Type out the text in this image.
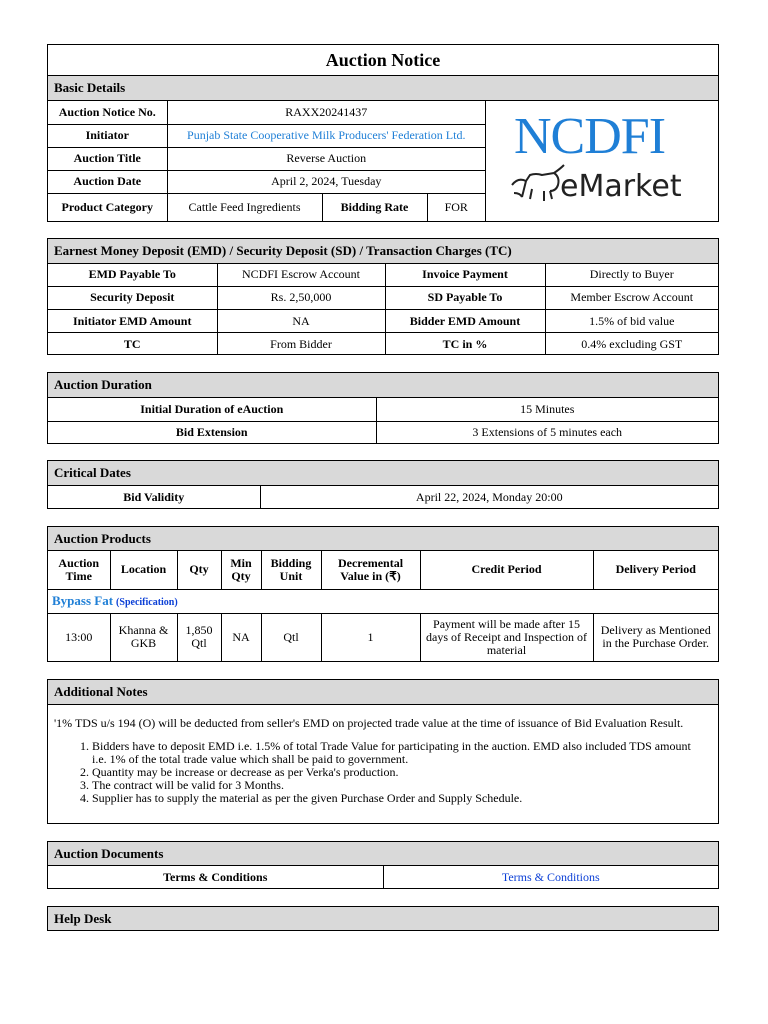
Auction Notice
Basic Details
Auction Notice No.	RAXX20241437		
Initiator	Punjab State Cooperative Milk Producers' Federation Ltd.		
Auction Title	Reverse Auction		
Auction Date	April 2, 2024, Tuesday		
Product Category	Cattle Feed Ingredients	Bidding Rate	FOR
NCDFI
eMarket
Earnest Money Deposit (EMD) / Security Deposit (SD) / Transaction Charges (TC)
EMD Payable To	NCDFI Escrow Account	Invoice Payment	Directly to Buyer
Security Deposit	Rs. 2,50,000	SD Payable To	Member Escrow Account
Initiator EMD Amount	NA	Bidder EMD Amount	1.5% of bid value
TC	From Bidder	TC in %	0.4% excluding GST
Auction Duration
Initial Duration of eAuction	15 Minutes
Bid Extension	3 Extensions of 5 minutes each
Critical Dates
Bid Validity	April 22, 2024, Monday 20:00
Auction Products
Auction Time	Location	Qty	Min Qty	Bidding Unit	Decremental Value in (₹)	Credit Period	Delivery Period
Bypass Fat (Specification)							
13:00	Khanna & GKB	1,850 Qtl	NA	Qtl	1	Payment will be made after 15 days of Receipt and Inspection of material	Delivery as Mentioned in the Purchase Order.
Additional Notes
'1% TDS u/s 194 (O) will be deducted from seller's EMD on projected trade value at the time of issuance of Bid Evaluation Result.
1. Bidders have to deposit EMD i.e. 1.5% of total Trade Value for participating in the auction. EMD also included TDS amount i.e. 1% of the total trade value which shall be paid to government.
2. Quantity may be increase or decrease as per Verka's production.
3. The contract will be valid for 3 Months.
4. Supplier has to supply the material as per the given Purchase Order and Supply Schedule.
Auction Documents
Terms & Conditions	Terms & Conditions
Help Desk
